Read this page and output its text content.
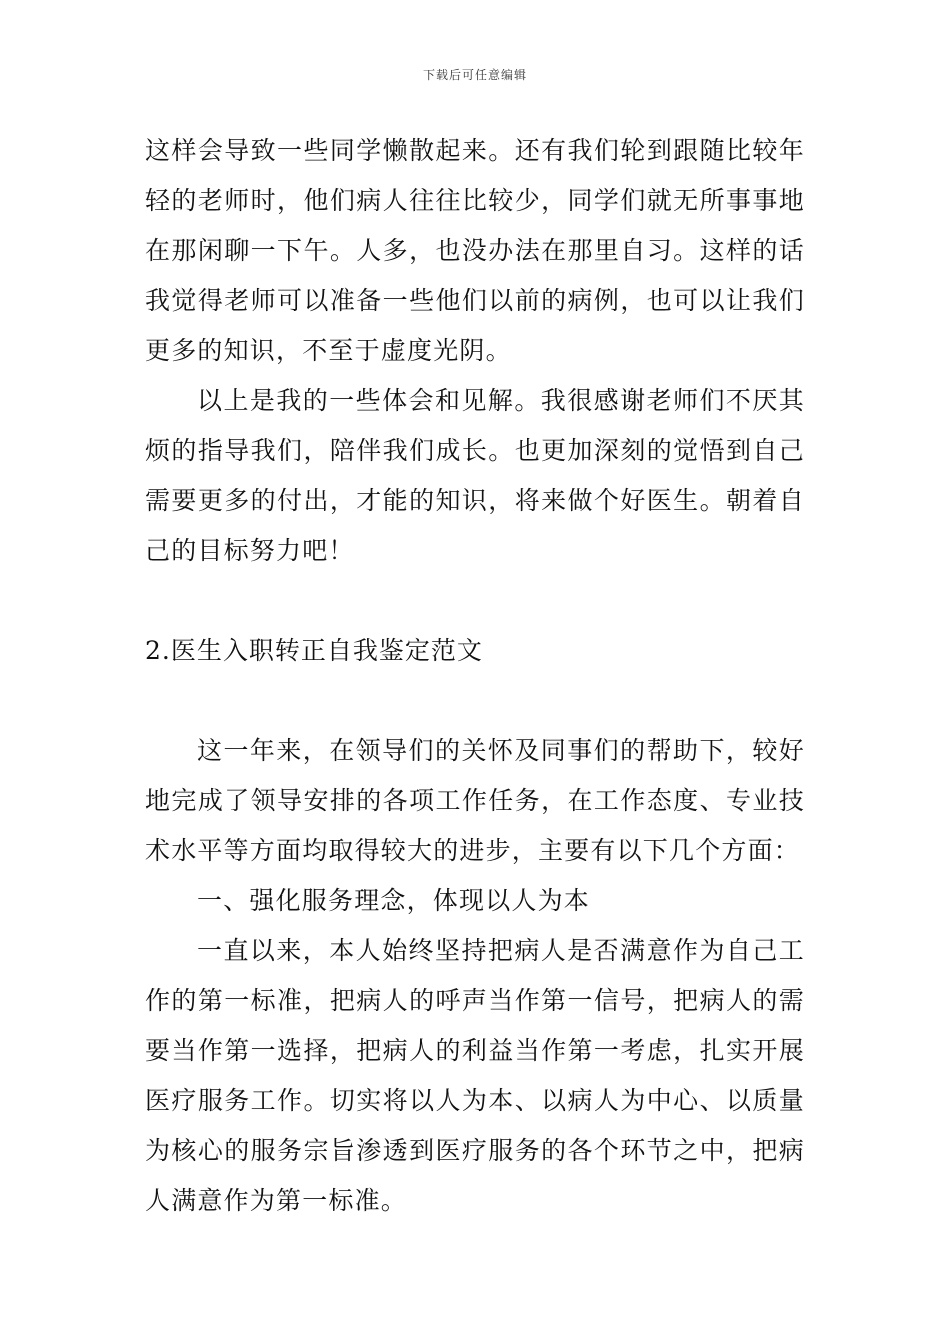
下载后可任意编辑

这样会导致一些同学懒散起来。还有我们轮到跟随比较年轻的老师时，他们病人往往比较少，同学们就无所事事地在那闲聊一下午。人多，也没办法在那里自习。这样的话我觉得老师可以准备一些他们以前的病例，也可以让我们更多的知识，不至于虚度光阴。

以上是我的一些体会和见解。我很感谢老师们不厌其烦的指导我们，陪伴我们成长。也更加深刻的觉悟到自己需要更多的付出，才能的知识，将来做个好医生。朝着自己的目标努力吧！

2.医生入职转正自我鉴定范文

这一年来，在领导们的关怀及同事们的帮助下，较好地完成了领导安排的各项工作任务，在工作态度、专业技术水平等方面均取得较大的进步，主要有以下几个方面：

一、强化服务理念，体现以人为本

一直以来，本人始终坚持把病人是否满意作为自己工作的第一标准，把病人的呼声当作第一信号，把病人的需要当作第一选择，把病人的利益当作第一考虑，扎实开展医疗服务工作。切实将以人为本、以病人为中心、以质量为核心的服务宗旨渗透到医疗服务的各个环节之中，把病人满意作为第一标准。
